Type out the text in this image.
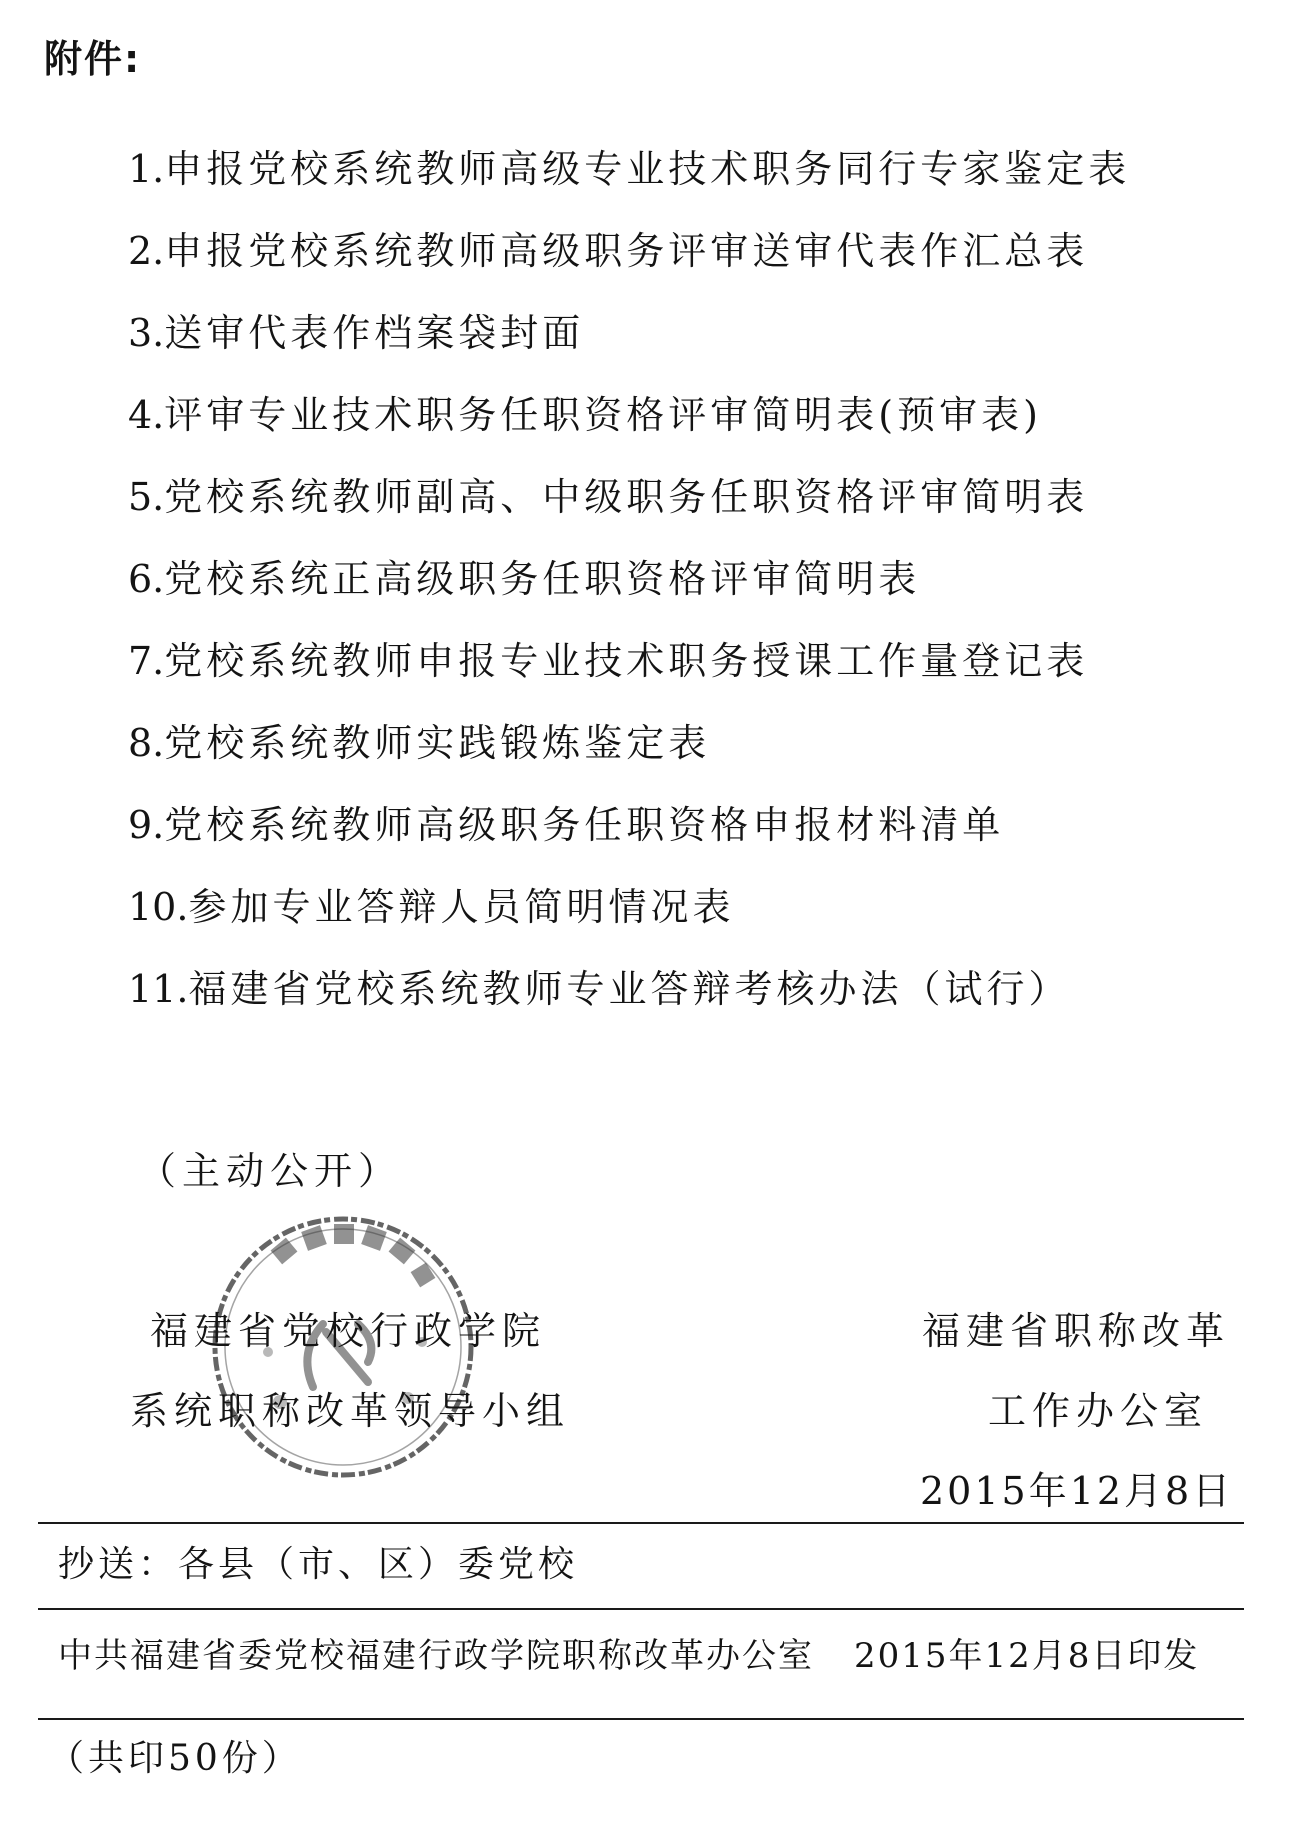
附件:
1.申报党校系统教师高级专业技术职务同行专家鉴定表
2.申报党校系统教师高级职务评审送审代表作汇总表
3.送审代表作档案袋封面
4.评审专业技术职务任职资格评审简明表(预审表)
5.党校系统教师副高、中级职务任职资格评审简明表
6.党校系统正高级职务任职资格评审简明表
7.党校系统教师申报专业技术职务授课工作量登记表
8.党校系统教师实践锻炼鉴定表
9.党校系统教师高级职务任职资格申报材料清单
10.参加专业答辩人员简明情况表
11.福建省党校系统教师专业答辩考核办法（试行）
（主动公开）
福建省党校行政学院
系统职称改革领导小组
福建省职称改革
工作办公室
2015年12月8日
抄送：各县（市、区）委党校
中共福建省委党校福建行政学院职称改革办公室 2015年12月8日印发
（共印50份）
